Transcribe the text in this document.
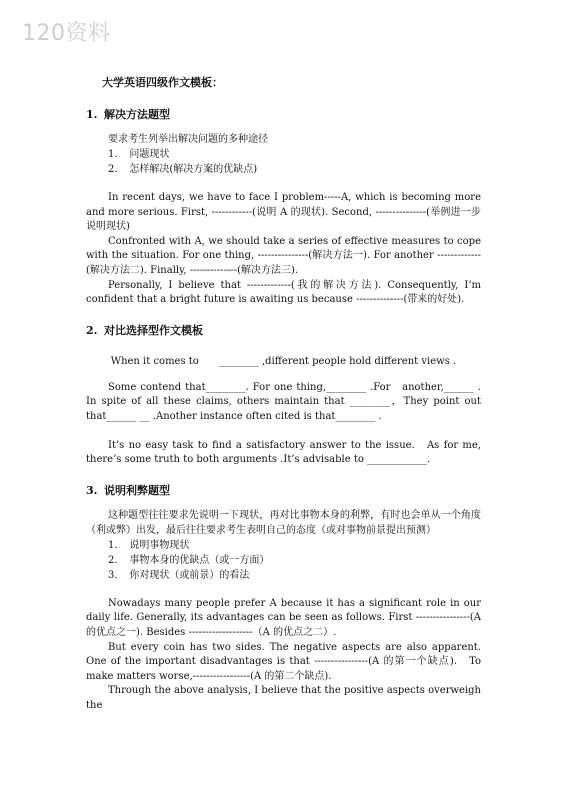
120资料
大学英语四级作文模板：
1. 解决方法题型
要求考生列举出解决问题的多种途径
1．　问题现状
2．　怎样解决(解决方案的优缺点)

In recent days, we have to face I problem-----A, which is becoming more and more serious. First, ------------(说明 A 的现状). Second, ---------------(举例进一步说明现状)

Confronted with A, we should take a series of effective measures to cope with the situation. For one thing, ---------------(解决方法一). For another -------------(解决方法二). Finally, --------------(解决方法三).

Personally, I believe that -------------(我的解决方法). Consequently, I’m confident that a bright future is awaiting us because --------------(带来的好处).

2. 对比选择型作文模板

When it comes to　　________ ,different people hold different views .

Some contend that________. For one thing,________ .For　another,______ . In spite of all these claims, others maintain that ________，They point out that______ __ .Another instance often cited is that________ .

It’s no easy task to find a satisfactory answer to the issue.　As for me, there’s some truth to both arguments .It’s advisable to ____________.

3. 说明利弊题型

这种题型往往要求先说明一下现状，再对比事物本身的利弊，有时也会单从一个角度（利或弊）出发，最后往往要求考生表明自己的态度（或对事物前景提出预测）

1．　说明事物现状
2．　事物本身的优缺点（或一方面）
3．　你对现状（或前景）的看法

Nowadays many people prefer A because it has a significant role in our daily life. Generally, its advantages can be seen as follows. First ----------------(A 的优点之一). Besides -------------------（A 的优点之二）.

But every coin has two sides. The negative aspects are also apparent. One of the important disadvantages is that ----------------(A 的第一个缺点).　To make matters worse,-----------------(A 的第二个缺点).

Through the above analysis, I believe that the positive aspects overweigh the
